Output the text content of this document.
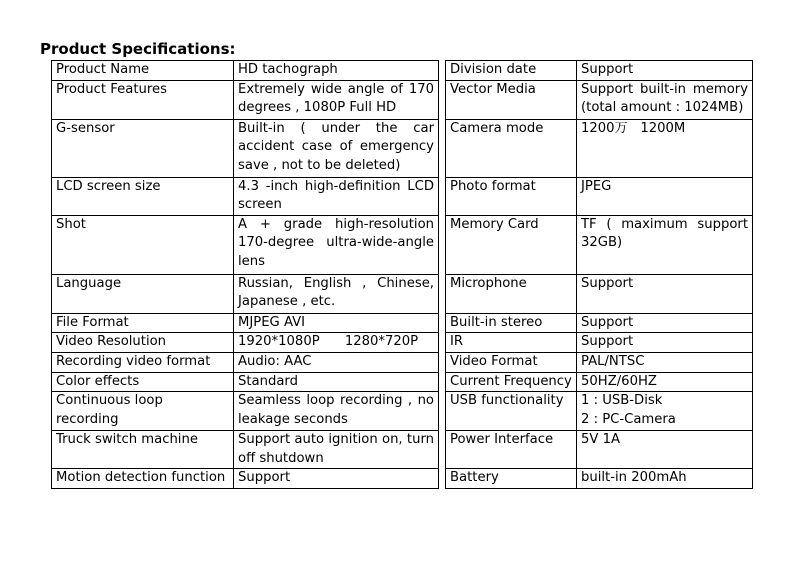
Product Specifications:
Product Name	HD tachograph
Product Features	Extremely wide angle of 170 degrees , 1080P Full HD
G-sensor	Built-in ( under the car accident case of emergency save , not to be deleted)
LCD screen size	4.3 -inch high-definition LCD screen
Shot	A + grade high-resolution 170-degree ultra-wide-angle lens
Language	Russian, English , Chinese, Japanese , etc.
File Format	MJPEG AVI
Video Resolution	1920*1080P      1280*720P
Recording video format	Audio: AAC
Color effects	Standard
Continuous loop recording	Seamless loop recording , no leakage seconds
Truck switch machine	Support auto ignition on, turn off shutdown
Motion detection function	Support
Division date	Support
Vector Media	Support built-in memory (total amount : 1024MB)
Camera mode	1200万   1200M
Photo format	JPEG
Memory Card	TF ( maximum support 32GB)
Microphone	Support
Built-in stereo	Support
IR	Support
Video Format	PAL/NTSC
Current Frequency	50HZ/60HZ
USB functionality	1 : USB-Disk
2 : PC-Camera
Power Interface	5V 1A
Battery	built-in 200mAh
